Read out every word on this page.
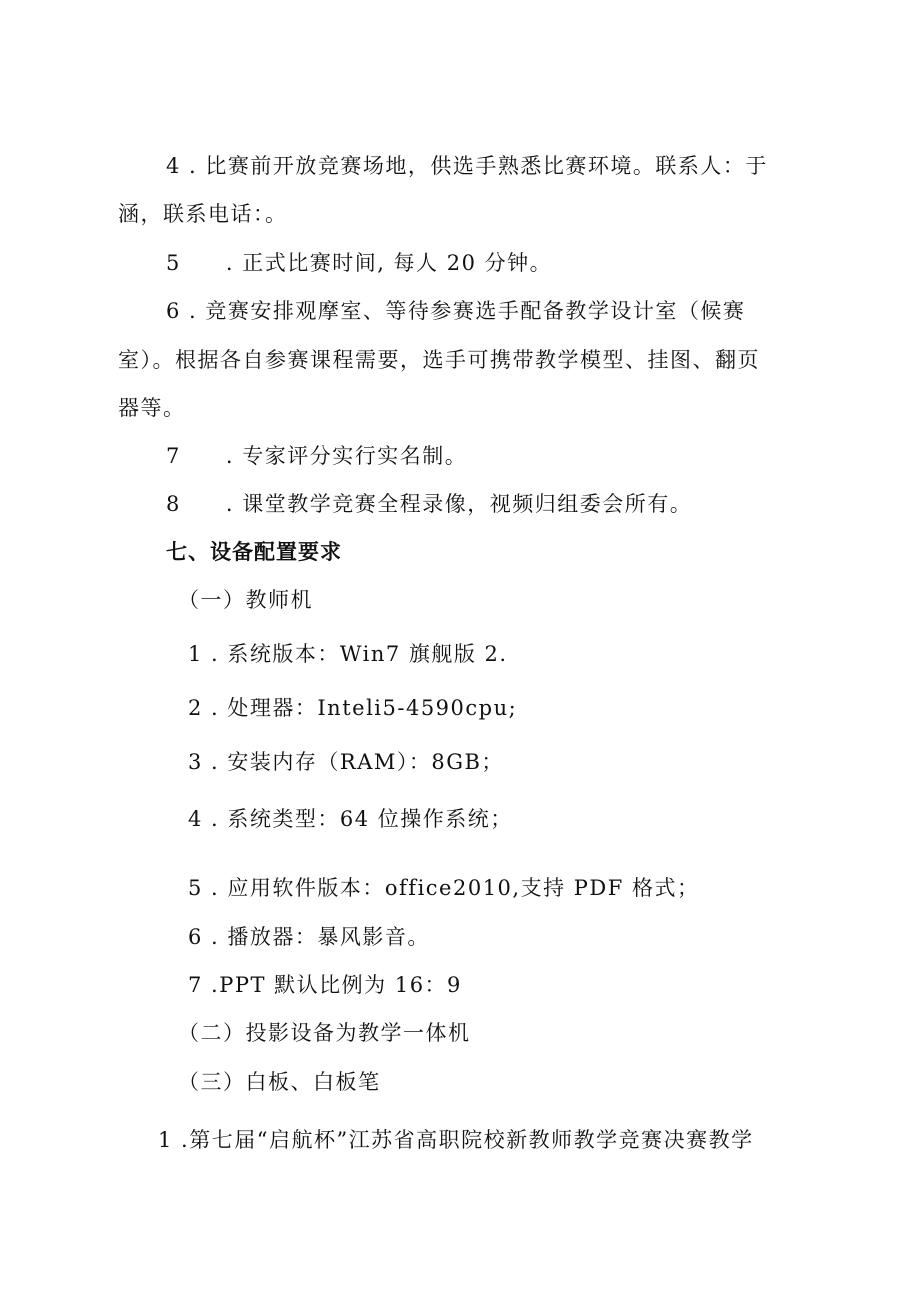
4 . 比赛前开放竞赛场地，供选手熟悉比赛环境。联系人：于
涵，联系电话：。
5　　. 正式比赛时间, 每人 20 分钟。
6 . 竞赛安排观摩室、等待参赛选手配备教学设计室（候赛
室）。根据各自参赛课程需要，选手可携带教学模型、挂图、翻页
器等。
7　　. 专家评分实行实名制。
8　　. 课堂教学竞赛全程录像，视频归组委会所有。
七、设备配置要求
（一）教师机
1 . 系统版本：Win7 旗舰版 2.
2 . 处理器：Inteli5-4590cpu;
3 . 安装内存（RAM）：8GB；
4 . 系统类型：64 位操作系统；
5 . 应用软件版本：office2010,支持 PDF 格式；
6 . 播放器：暴风影音。
7 .PPT 默认比例为 16：9
（二）投影设备为教学一体机
（三）白板、白板笔
1 .第七届“启航杯”江苏省高职院校新教师教学竞赛决赛教学
